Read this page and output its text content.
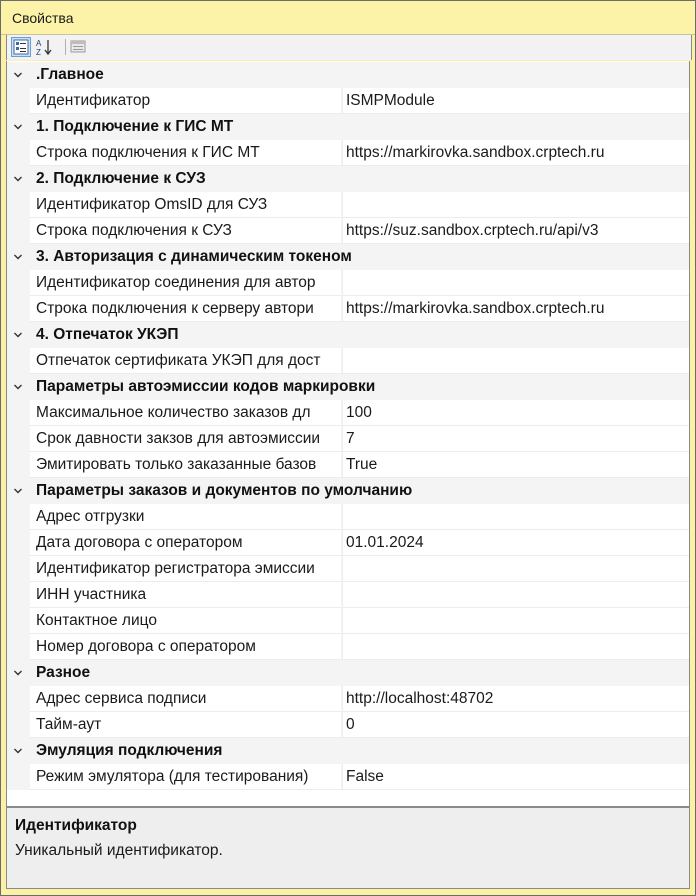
Свойства
A
Z
.Главное
Идентификатор	ISMPModule
1. Подключение к ГИС МТ
Строка подключения к ГИС МТ	https://markirovka.sandbox.crptech.ru
2. Подключение к СУЗ
Идентификатор OmsID для СУЗ
Строка подключения к СУЗ	https://suz.sandbox.crptech.ru/api/v3
3. Авторизация с динамическим токеном
Идентификатор соединения для автор
Строка подключения к серверу автори https://markirovka.sandbox.crptech.ru
4. Отпечаток УКЭП
Отпечаток сертификата УКЭП для дост
Параметры автоэмиссии кодов маркировки
Максимальное количество заказов дл 100
Срок давности закзов для автоэмиссии 7
Эмитировать только заказанные базов True
Параметры заказов и документов по умолчанию
Адрес отгрузки
Дата договора с оператором	01.01.2024
Идентификатор регистратора эмиссии
ИНН участника
Контактное лицо
Номер договора с оператором
Разное
Адрес сервиса подписи	http://localhost:48702
Тайм-аут	0
Эмуляция подключения
Режим эмулятора (для тестирования) False
Идентификатор
Уникальный идентификатор.
